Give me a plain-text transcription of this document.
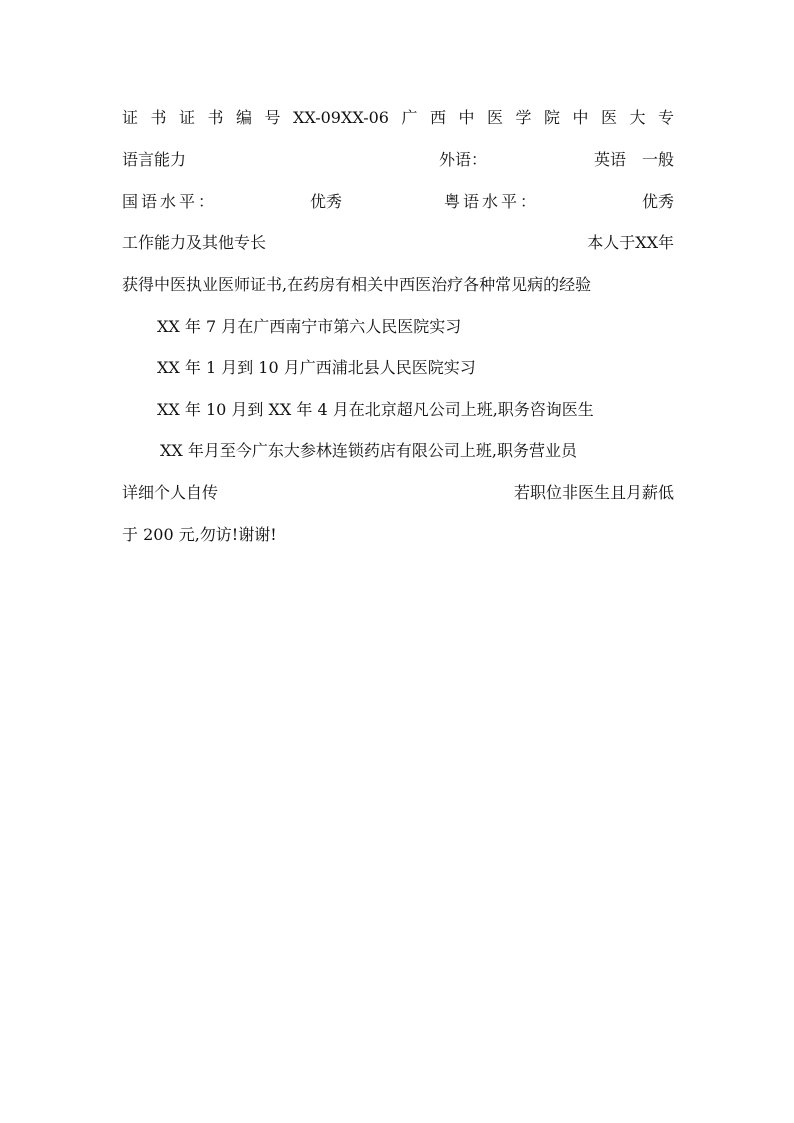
证 书 证 书 编 号 XX-09XX-06 广 西 中 医 学 院 中 医 大 专
语言能力	外语：	英语　一般
国语水平：	优秀	粤语水平：	优秀
工作能力及其他专长	本人于XX年
获得中医执业医师证书,在药房有相关中西医治疗各种常见病的经验
XX 年 7 月在广西南宁市第六人民医院实习
XX 年 1 月到 10 月广西浦北县人民医院实习
XX 年 10 月到 XX 年 4 月在北京超凡公司上班,职务咨询医生
XX 年月至今广东大参林连锁药店有限公司上班,职务营业员
详细个人自传	若职位非医生且月薪低
于 200 元,勿访!谢谢!
